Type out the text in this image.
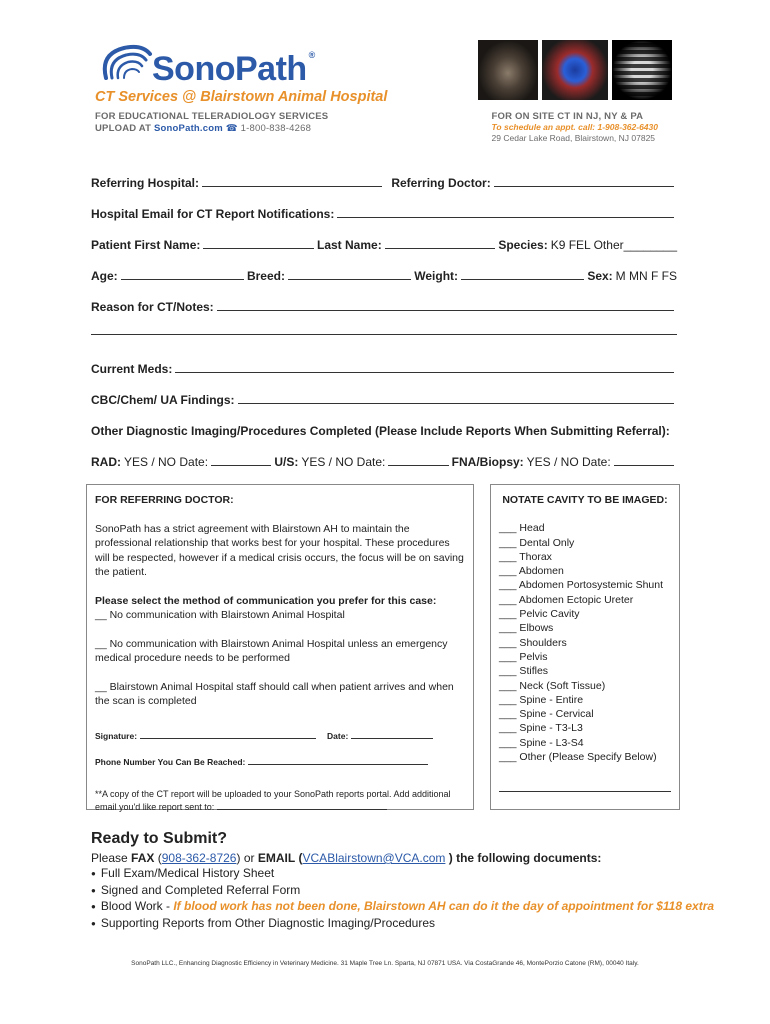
SonoPath ®
CT Services @ Blairstown Animal Hospital
FOR EDUCATIONAL TELERADIOLOGY SERVICES
UPLOAD AT SonoPath.com ☎ 1-800-838-4268
FOR ON SITE CT IN NJ, NY & PA
To schedule an appt. call: 1-908-362-6430
29 Cedar Lake Road, Blairstown, NJ 07825
Referring Hospital:	Referring Doctor:
Hospital Email for CT Report Notifications:
Patient First Name:	Last Name:	Species: K9 FEL Other________
Age:	Breed:	Weight:	Sex: M MN F FS
Reason for CT/Notes:
Current Meds:
CBC/Chem/ UA Findings:
Other Diagnostic Imaging/Procedures Completed (Please Include Reports When Submitting Referral):
RAD: YES / NO Date:	U/S: YES / NO Date:	FNA/Biopsy: YES / NO Date:
FOR REFERRING DOCTOR:

SonoPath has a strict agreement with Blairstown AH to maintain the professional relationship that works best for your hospital. These procedures will be respected, however if a medical crisis occurs, the focus will be on saving the patient.

Please select the method of communication you prefer for this case:

__ No communication with Blairstown Animal Hospital

__ No communication with Blairstown Animal Hospital unless an emergency medical procedure needs to be performed

__ Blairstown Animal Hospital staff should call when patient arrives and when the scan is completed

Signature:	Date:
Phone Number You Can Be Reached:
**A copy of the CT report will be uploaded to your SonoPath reports portal. Add additional email you'd like report sent to:
NOTATE CAVITY TO BE IMAGED:
___ Head
___ Dental Only
___ Thorax
___ Abdomen
___ Abdomen Portosystemic Shunt
___ Abdomen Ectopic Ureter
___ Pelvic Cavity
___ Elbows
___ Shoulders
___ Pelvis
___ Stifles
___ Neck (Soft Tissue)
___ Spine - Entire
___ Spine - Cervical
___ Spine - T3-L3
___ Spine - L3-S4
___ Other (Please Specify Below)
Ready to Submit?
Please FAX (908-362-8726) or EMAIL (VCABlairstown@VCA.com ) the following documents:
● Full Exam/Medical History Sheet
● Signed and Completed Referral Form
● Blood Work - If blood work has not been done, Blairstown AH can do it the day of appointment for $118 extra
● Supporting Reports from Other Diagnostic Imaging/Procedures
SonoPath LLC., Enhancing Diagnostic Efficiency in Veterinary Medicine. 31 Maple Tree Ln. Sparta, NJ 07871 USA. Via CostaGrande 46, MontePorzio Catone (RM), 00040 Italy.
